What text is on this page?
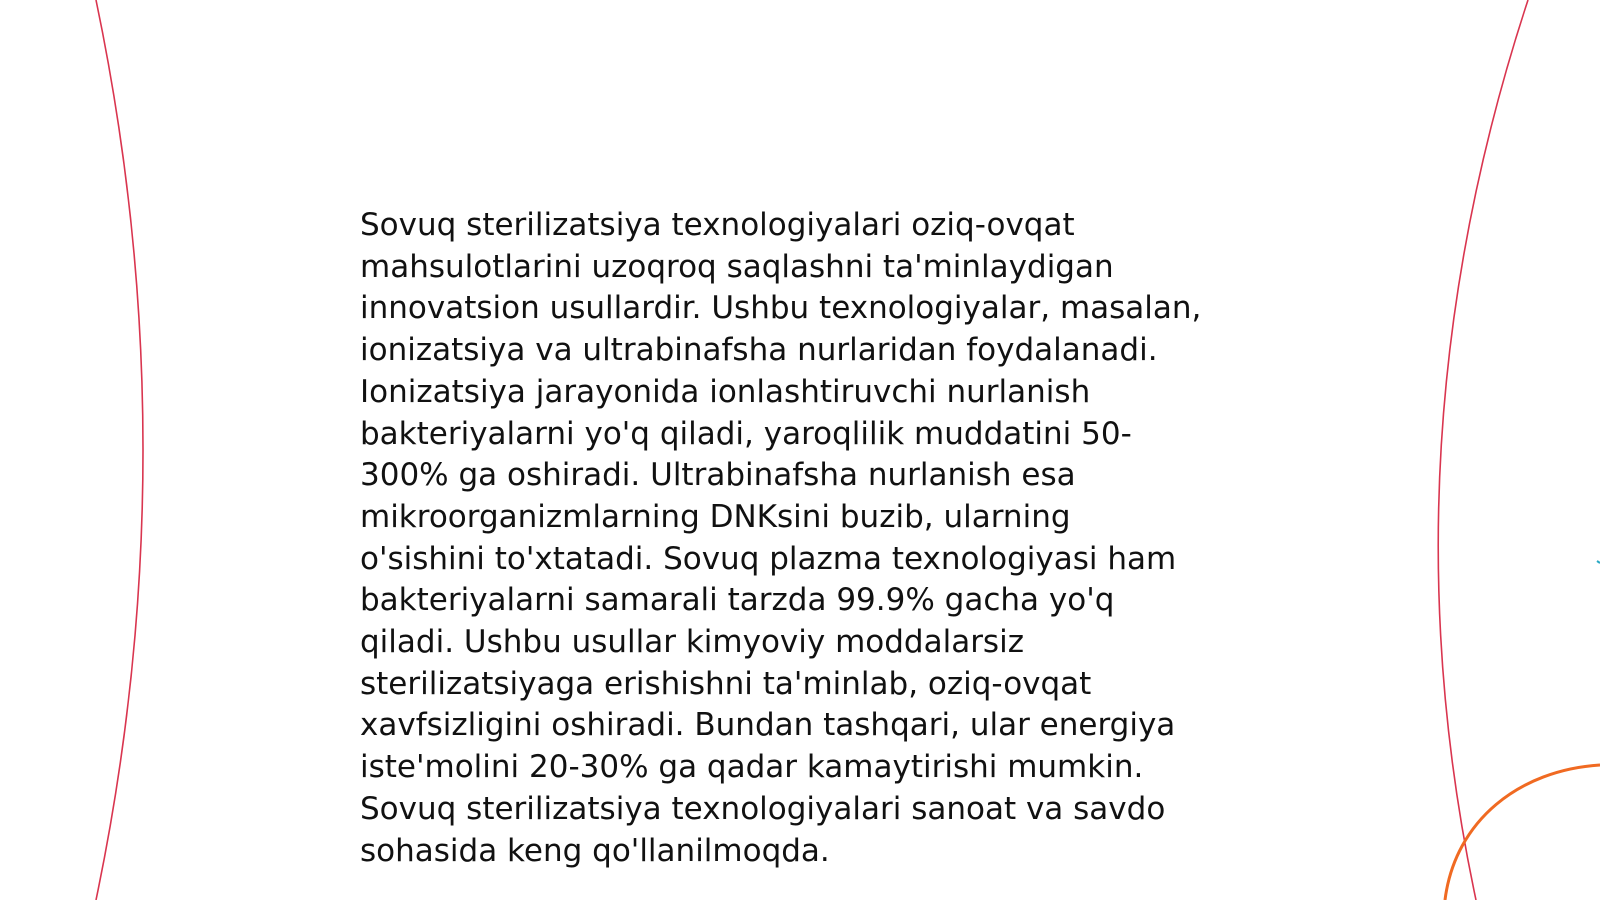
Sovuq sterilizatsiya texnologiyalari oziq-ovqat
mahsulotlarini uzoqroq saqlashni ta'minlaydigan
innovatsion usullardir. Ushbu texnologiyalar, masalan,
ionizatsiya va ultrabinafsha nurlaridan foydalanadi.
Ionizatsiya jarayonida ionlashtiruvchi nurlanish
bakteriyalarni yo'q qiladi, yaroqlilik muddatini 50-
300% ga oshiradi. Ultrabinafsha nurlanish esa
mikroorganizmlarning DNKsini buzib, ularning
o'sishini to'xtatadi. Sovuq plazma texnologiyasi ham
bakteriyalarni samarali tarzda 99.9% gacha yo'q
qiladi. Ushbu usullar kimyoviy moddalarsiz
sterilizatsiyaga erishishni ta'minlab, oziq-ovqat
xavfsizligini oshiradi. Bundan tashqari, ular energiya
iste'molini 20-30% ga qadar kamaytirishi mumkin.
Sovuq sterilizatsiya texnologiyalari sanoat va savdo
sohasida keng qo'llanilmoqda.
